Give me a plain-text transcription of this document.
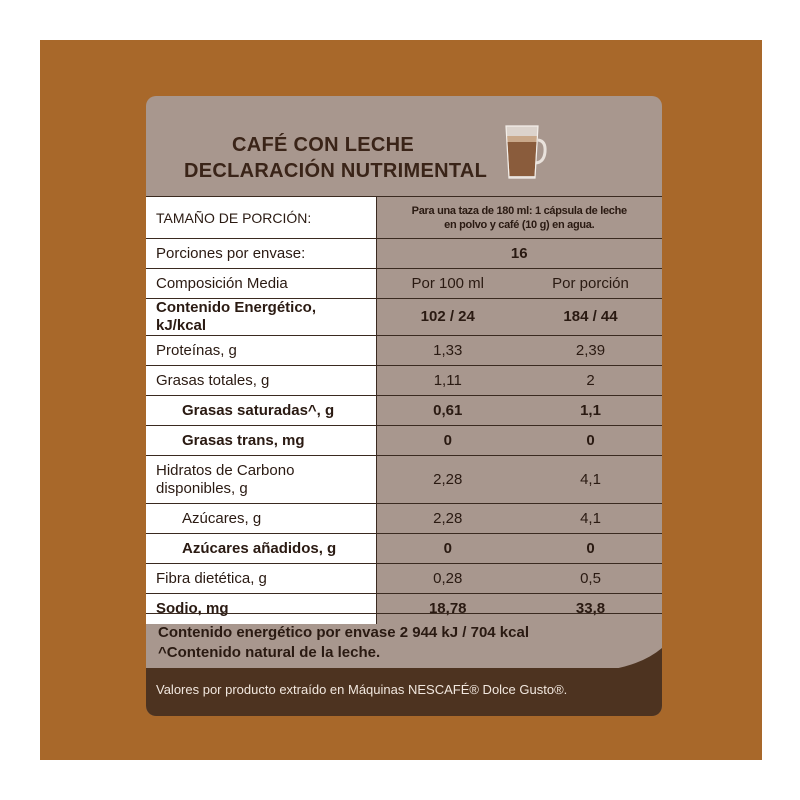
CAFÉ CON LECHE
DECLARACIÓN NUTRIMENTAL
TAMAÑO DE PORCIÓN:	Para una taza de 180 ml: 1 cápsula de leche
en polvo y café (10 g) en agua.	

Porciones por envase:	16	
Composición Media	Por 100 ml	Por porción
Contenido Energético, kJ/kcal	102 / 24	184 / 44
Proteínas, g	1,33	2,39
Grasas totales, g	1,11	2
Grasas saturadas^, g	0,61	1,1
Grasas trans, mg	0	0

Hidratos de Carbono
disponibles, g	2,28	4,1
Azúcares, g	2,28	4,1
Azúcares añadidos, g	0	0
Fibra dietética, g	0,28	0,5
Sodio, mg	18,78	33,8
Contenido energético por envase 2 944 kJ / 704 kcal
^Contenido natural de la leche.
Valores por producto extraído en Máquinas NESCAFÉ® Dolce Gusto®.
